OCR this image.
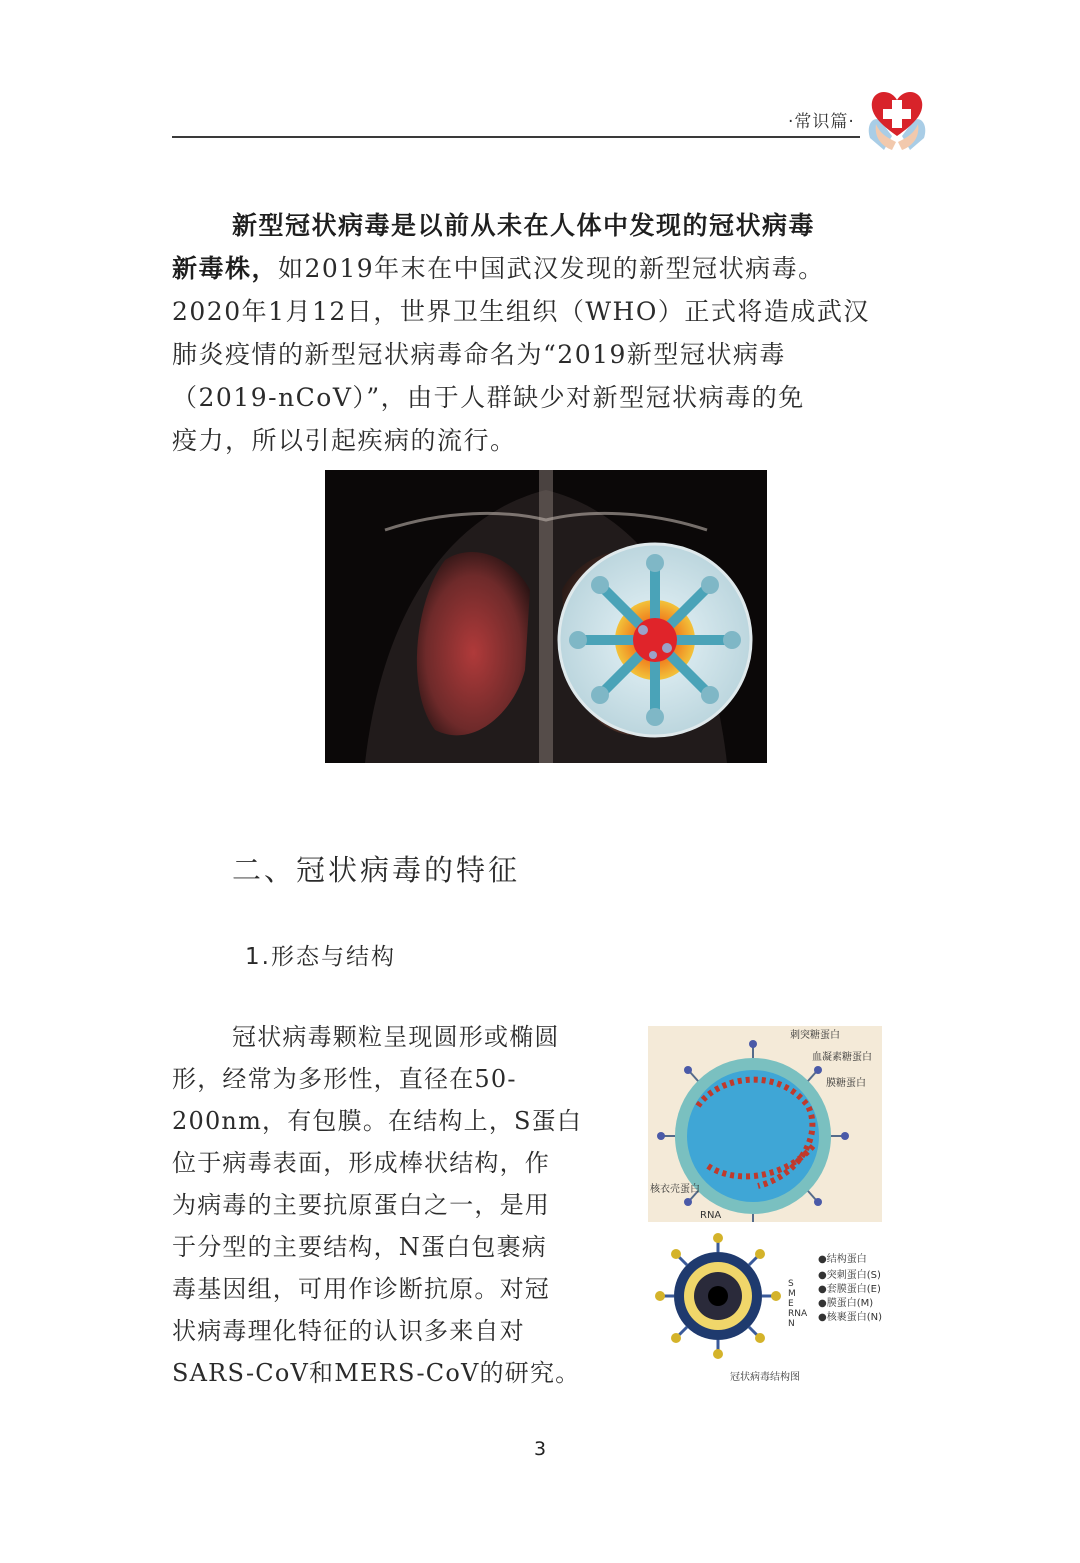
·常识篇·
新型冠状病毒是以前从未在人体中发现的冠状病毒
新毒株，如2019年末在中国武汉发现的新型冠状病毒。
2020年1月12日，世界卫生组织（WHO）正式将造成武汉
肺炎疫情的新型冠状病毒命名为“2019新型冠状病毒
（2019-nCoV）”，由于人群缺少对新型冠状病毒的免
疫力，所以引起疾病的流行。
二、冠状病毒的特征
1.形态与结构
冠状病毒颗粒呈现圆形或椭圆
形，经常为多形性，直径在50-
200nm，有包膜。在结构上，S蛋白
位于病毒表面，形成棒状结构，作
为病毒的主要抗原蛋白之一，是用
于分型的主要结构，N蛋白包裹病
毒基因组，可用作诊断抗原。对冠
状病毒理化特征的认识多来自对
SARS-CoV和MERS-CoV的研究。
刺突糖蛋白
血凝素糖蛋白
膜糖蛋白
核衣壳蛋白
RNA
S
M
E
RNA
N
●结构蛋白
●突刺蛋白(S)
●套膜蛋白(E)
●膜蛋白(M)
●核裹蛋白(N)
冠状病毒结构图
3
